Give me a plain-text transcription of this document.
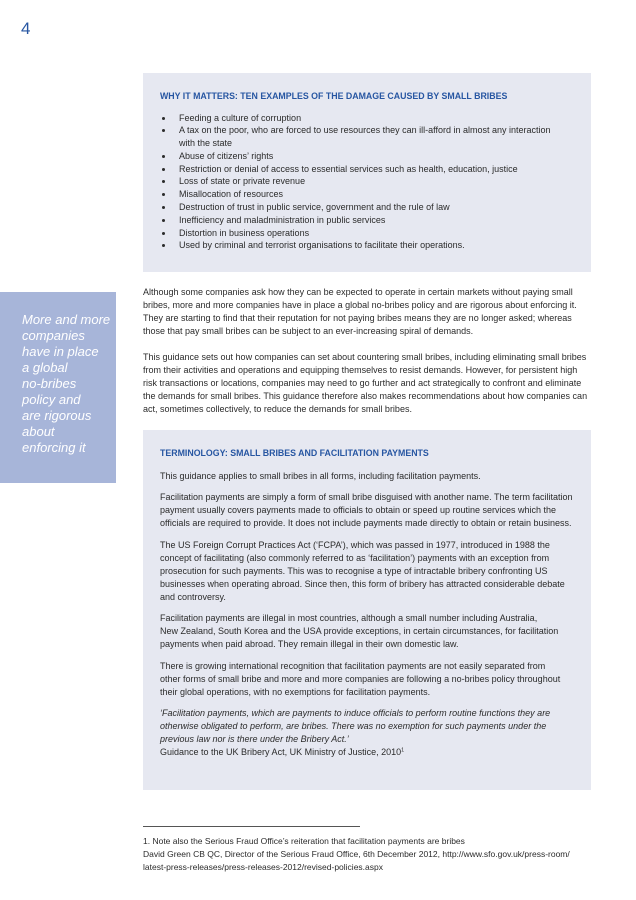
4
WHY IT MATTERS: TEN EXAMPLES OF THE DAMAGE CAUSED BY SMALL BRIBES
Feeding a culture of corruption
A tax on the poor, who are forced to use resources they can ill-afford in almost any interaction
with the state
Abuse of citizens’ rights
Restriction or denial of access to essential services such as health, education, justice
Loss of state or private revenue
Misallocation of resources
Destruction of trust in public service, government and the rule of law
Inefficiency and maladministration in public services
Distortion in business operations
Used by criminal and terrorist organisations to facilitate their operations.
More and more
companies
have in place
a global
no-bribes
policy and
are rigorous
about
enforcing it

Although some companies ask how they can be expected to operate in certain markets without paying small
bribes, more and more companies have in place a global no-bribes policy and are rigorous about enforcing it.
They are starting to find that their reputation for not paying bribes means they are no longer asked; whereas
those that pay small bribes can be subject to an ever-increasing spiral of demands.

This guidance sets out how companies can set about countering small bribes, including eliminating small bribes
from their activities and operations and equipping themselves to resist demands. However, for persistent high
risk transactions or locations, companies may need to go further and act strategically to confront and eliminate
the demands for small bribes. This guidance therefore also makes recommendations about how companies can
act, sometimes collectively, to reduce the demands for small bribes.

TERMINOLOGY: SMALL BRIBES AND FACILITATION PAYMENTS

This guidance applies to small bribes in all forms, including facilitation payments.

Facilitation payments are simply a form of small bribe disguised with another name. The term facilitation
payment usually covers payments made to officials to obtain or speed up routine services which the
officials are required to provide. It does not include payments made directly to obtain or retain business.

The US Foreign Corrupt Practices Act (‘FCPA’), which was passed in 1977, introduced in 1988 the
concept of facilitating (also commonly referred to as ‘facilitation’) payments with an exception from
prosecution for such payments. This was to recognise a type of intractable bribery confronting US
businesses when operating abroad. Since then, this form of bribery has attracted considerable debate
and controversy.

Facilitation payments are illegal in most countries, although a small number including Australia,
New Zealand, South Korea and the USA provide exceptions, in certain circumstances, for facilitation
payments when paid abroad. They remain illegal in their own domestic law.

There is growing international recognition that facilitation payments are not easily separated from
other forms of small bribe and more and more companies are following a no-bribes policy throughout
their global operations, with no exemptions for facilitation payments.

‘Facilitation payments, which are payments to induce officials to perform routine functions they are
otherwise obligated to perform, are bribes. There was no exemption for such payments under the
previous law nor is there under the Bribery Act.’

Guidance to the UK Bribery Act, UK Ministry of Justice, 2010$^1$

1. Note also the Serious Fraud Office’s reiteration that facilitation payments are bribes
David Green CB QC, Director of the Serious Fraud Office, 6th December 2012, http://www.sfo.gov.uk/press-room/
latest-press-releases/press-releases-2012/revised-policies.aspx
